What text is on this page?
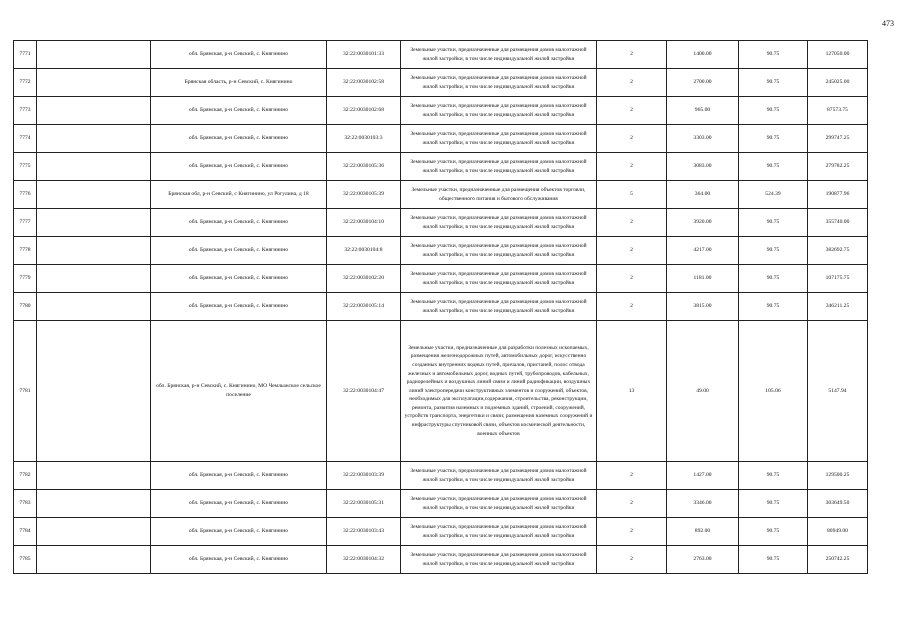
473
7771		обл. Брянская, р-н Севский, с. Княгинино	32:22:0030101:33	Земельные участки, предназначенные для размещения домов малоэтажной жилой застройки, в том числе индивидуальной жилой застройки	2	1400.00	90.75	127050.00
7772		Брянская область, р-н Севский, с. Княгинино	32:22:0030102:58	Земельные участки, предназначенные для размещения домов малоэтажной жилой застройки, в том числе индивидуальной жилой застройки	2	2700.00	90.75	245025.00
7773		обл. Брянская, р-н Севский, с. Княгинино	32:22:0030102:68	Земельные участки, предназначенные для размещения домов малоэтажной жилой застройки, в том числе индивидуальной жилой застройки	2	965.00	90.75	87573.75
7774		обл. Брянская, р-н Севский, с. Княгинино	32:22:0030103:3	Земельные участки, предназначенные для размещения домов малоэтажной жилой застройки, в том числе индивидуальной жилой застройки	2	3303.00	90.75	299747.25
7775		обл. Брянская, р-н Севский, с. Княгинино	32:22:0030105:36	Земельные участки, предназначенные для размещения домов малоэтажной жилой застройки, в том числе индивидуальной жилой застройки	2	3083.00	90.75	279782.25
7776		Брянская обл, р-н Севский, с Княгинино, ул Рогулина, д 18	32:22:0030105:39	Земельные участки, предназначенные для размещения объектов торговли, общественного питания и бытового обслуживания	5	364.00	524.39	190877.96
7777		обл. Брянская, р-н Севский, с. Княгинино	32:22:0030104:10	Земельные участки, предназначенные для размещения домов малоэтажной жилой застройки, в том числе индивидуальной жилой застройки	2	3920.00	90.75	355740.00
7778		обл. Брянская, р-н Севский, с. Княгинино	32:22:0030104:8	Земельные участки, предназначенные для размещения домов малоэтажной жилой застройки, в том числе индивидуальной жилой застройки	2	4217.00	90.75	382692.75
7779		обл. Брянская, р-н Севский, с. Княгинино	32:22:0030102:20	Земельные участки, предназначенные для размещения домов малоэтажной жилой застройки, в том числе индивидуальной жилой застройки	2	1181.00	90.75	107175.75
7780		обл. Брянская, р-н Севский, с. Княгинино	32:22:0030105:14	Земельные участки, предназначенные для размещения домов малоэтажной жилой застройки, в том числе индивидуальной жилой застройки	2	3815.00	90.75	346211.25
7781		обл. Брянская, р-н Севский, с. Княгинино, МО Чемлыжское сельское поселение	32:22:0030104:47	Земельные участки, предназначенные для разработки полезных ископаемых, размещения железнодорожных путей, автомобильных дорог, искусственно созданных внутренних водных путей, причалов, пристаней, полос отвода железных и автомобильных дорог, водных путей, трубопроводов, кабельных, радиорелейных и воздушных линий связи и линий радиофикации, воздушных линий электропередачи конструктивных элементов и сооружений, объектов, необходимых для эксплуатации,содержания, строительства, реконструкции, ремонта, развития наземных и подземных зданий, строений, сооружений, устройств транспорта, энергетики и связи; размещения наземных сооружений и инфраструктуры спутниковой связи, объектов космической деятельности, военных объектов	13	49.00	105.06	5147.94
7782		обл. Брянская, р-н Севский, с. Княгинино	32:22:0030103:39	Земельные участки, предназначенные для размещения домов малоэтажной жилой застройки, в том числе индивидуальной жилой застройки	2	1427.00	90.75	129500.25
7783		обл. Брянская, р-н Севский, с. Княгинино	32:22:0030105:31	Земельные участки, предназначенные для размещения домов малоэтажной жилой застройки, в том числе индивидуальной жилой застройки	2	3346.00	90.75	303649.50
7784		обл. Брянская, р-н Севский, с. Княгинино	32:22:0030103:43	Земельные участки, предназначенные для размещения домов малоэтажной жилой застройки, в том числе индивидуальной жилой застройки	2	892.00	90.75	80949.00
7785		обл. Брянская, р-н Севский, с. Княгинино	32:22:0030104:32	Земельные участки, предназначенные для размещения домов малоэтажной жилой застройки, в том числе индивидуальной жилой застройки	2	2763.00	90.75	250742.25
